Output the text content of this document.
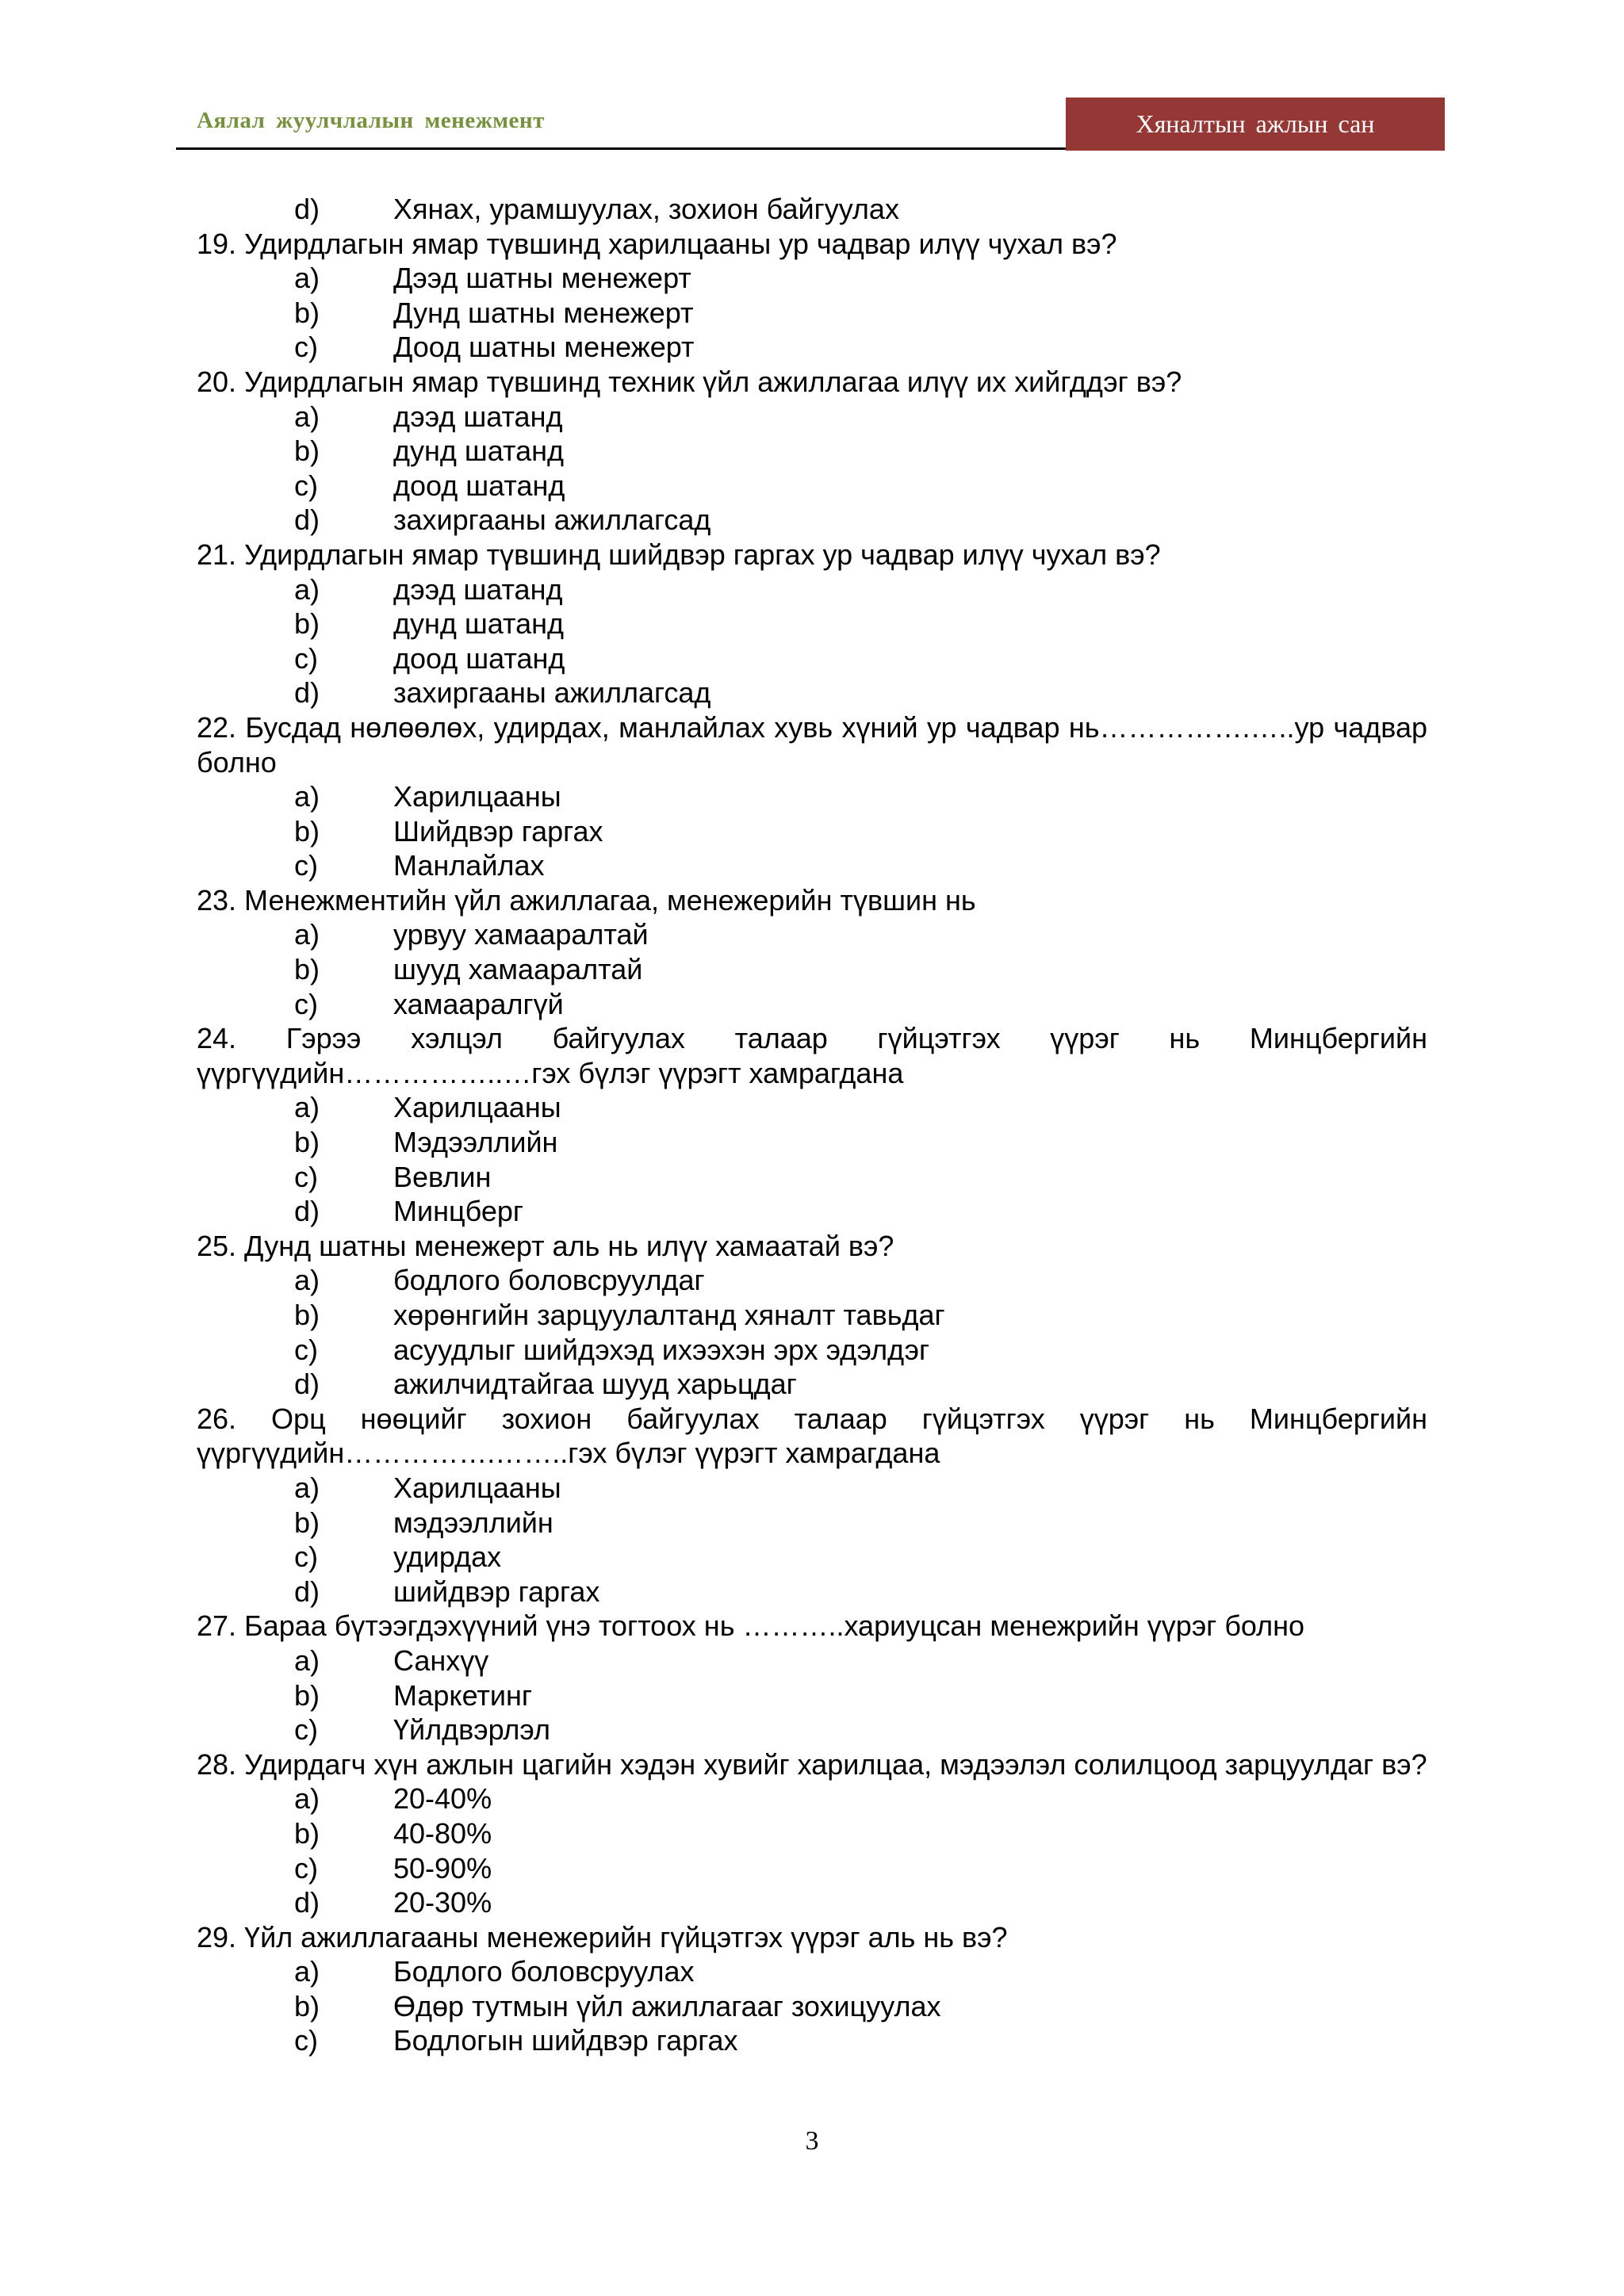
Аялал жуулчлалын менежмент	Хяналтын ажлын сан
d)	Хянах, урамшуулах, зохион байгуулах
19. Удирдлагын ямар түвшинд харилцааны ур чадвар илүү чухал вэ?
a)	Дээд шатны менежерт
b)	Дунд шатны менежерт
c)	Доод шатны менежерт
20. Удирдлагын ямар түвшинд техник үйл ажиллагаа илүү их хийгддэг вэ?
a)	дээд шатанд
b)	дунд шатанд
c)	доод шатанд
d)	захиргааны ажиллагсад
21. Удирдлагын ямар түвшинд шийдвэр гаргах ур чадвар илүү чухал вэ?
a)	дээд шатанд
b)	дунд шатанд
c)	доод шатанд
d)	захиргааны ажиллагсад
22. Бусдад нөлөөлөх, удирдах, манлайлах хувь хүний ур чадвар нь…………….…..ур чадвар болно
a)	Харилцааны
b)	Шийдвэр гаргах
c)	Манлайлах
23. Менежментийн үйл ажиллагаа, менежерийн түвшин нь
a)	урвуу хамааралтай
b)	шууд хамааралтай
c)	хамааралгүй
24. Гэрээ хэлцэл байгуулах талаар гүйцэтгэх үүрэг нь Минцбергийн үүргүүдийн……………..…гэх бүлэг үүрэгт хамрагдана
a)	Харилцааны
b)	Мэдээллийн
c)	Вевлин
d)	Минцберг
25. Дунд шатны менежерт аль нь илүү хамаатай вэ?
a)	бодлого боловсруулдаг
b)	хөрөнгийн зарцуулалтанд хяналт тавьдаг
c)	асуудлыг шийдэхэд ихээхэн эрх эдэлдэг
d)	ажилчидтайгаа шууд харьцдаг
26. Орц нөөцийг зохион байгуулах талаар гүйцэтгэх үүрэг нь Минцбергийн үүргүүдийн…………….……..гэх бүлэг үүрэгт хамрагдана
a)	Харилцааны
b)	мэдээллийн
c)	удирдах
d)	шийдвэр гаргах
27. Бараа бүтээгдэхүүний үнэ тогтоох нь ………..хариуцсан менежрийн үүрэг болно
a)	Санхүү
b)	Маркетинг
c)	Үйлдвэрлэл
28. Удирдагч хүн ажлын цагийн хэдэн хувийг харилцаа, мэдээлэл солилцоод зарцуулдаг вэ?
a)	20-40%
b)	40-80%
c)	50-90%
d)	20-30%
29. Үйл ажиллагааны менежерийн гүйцэтгэх үүрэг аль нь вэ?
a)	Бодлого боловсруулах
b)	Өдөр тутмын үйл ажиллагааг зохицуулах
c)	Бодлогын шийдвэр гаргах
3
